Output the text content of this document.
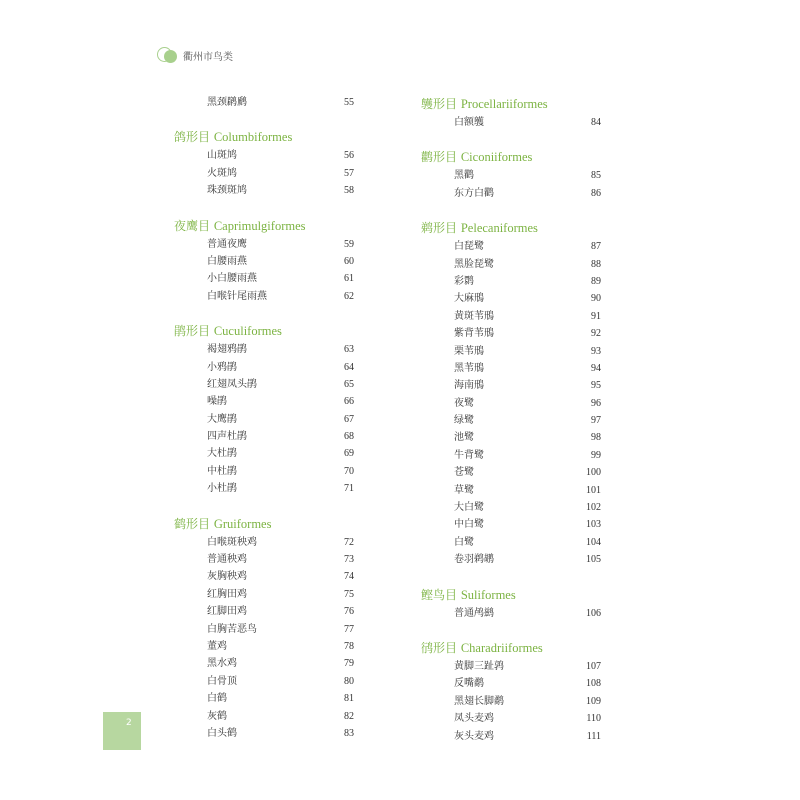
衢州市鸟类
黑颈䴙䴘	55
鸽形目 Columbiformes
山斑鸠	56
火斑鸠	57
珠颈斑鸠	58
夜鹰目 Caprimulgiformes
普通夜鹰	59
白腰雨燕	60
小白腰雨燕	61
白喉针尾雨燕	62
鹃形目 Cuculiformes
褐翅鸦鹃	63
小鸦鹃	64
红翅凤头鹃	65
噪鹃	66
大鹰鹃	67
四声杜鹃	68
大杜鹃	69
中杜鹃	70
小杜鹃	71
鹤形目 Gruiformes
白喉斑秧鸡	72
普通秧鸡	73
灰胸秧鸡	74
红胸田鸡	75
红脚田鸡	76
白胸苦恶鸟	77
董鸡	78
黑水鸡	79
白骨顶	80
白鹤	81
灰鹤	82
白头鹤	83
鹱形目 Procellariiformes
白额鹱	84
鹳形目 Ciconiiformes
黑鹳	85
东方白鹳	86
鹈形目 Pelecaniformes
白琵鹭	87
黑脸琵鹭	88
彩鹮	89
大麻鳽	90
黄斑苇鳽	91
紫背苇鳽	92
栗苇鳽	93
黑苇鳽	94
海南鳽	95
夜鹭	96
绿鹭	97
池鹭	98
牛背鹭	99
苍鹭	100
草鹭	101
大白鹭	102
中白鹭	103
白鹭	104
卷羽鹈鹕	105
鲣鸟目 Suliformes
普通鸬鹚	106
鸻形目 Charadriiformes
黄脚三趾鹑	107
反嘴鹬	108
黑翅长脚鹬	109
凤头麦鸡	110
灰头麦鸡	111
2
